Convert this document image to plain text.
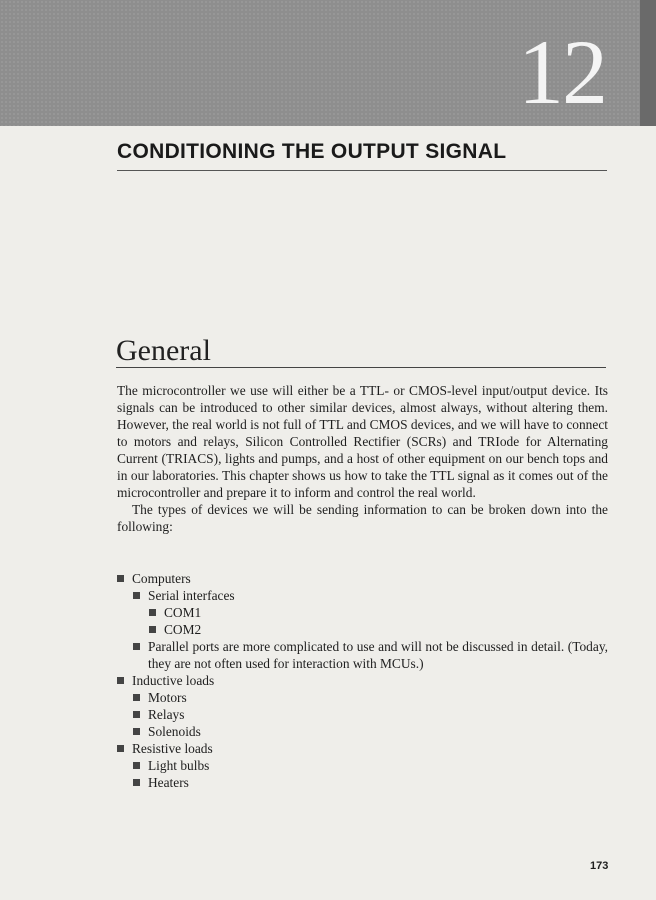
12
CONDITIONING THE OUTPUT SIGNAL
General

The microcontroller we use will either be a TTL- or CMOS-level input/output device. Its signals can be introduced to other similar devices, almost always, without altering them. However, the real world is not full of TTL and CMOS devices, and we will have to connect to motors and relays, Silicon Controlled Rectifier (SCRs) and TRIode for Alternating Current (TRIACS), lights and pumps, and a host of other equipment on our bench tops and in our laboratories. This chapter shows us how to take the TTL signal as it comes out of the microcontroller and prepare it to inform and control the real world.

The types of devices we will be sending information to can be broken down into the following:

Computers
Serial interfaces
COM1
COM2
Parallel ports are more complicated to use and will not be discussed in detail. (Today, they are not often used for interaction with MCUs.)
Inductive loads
Motors
Relays
Solenoids
Resistive loads
Light bulbs
Heaters
173
